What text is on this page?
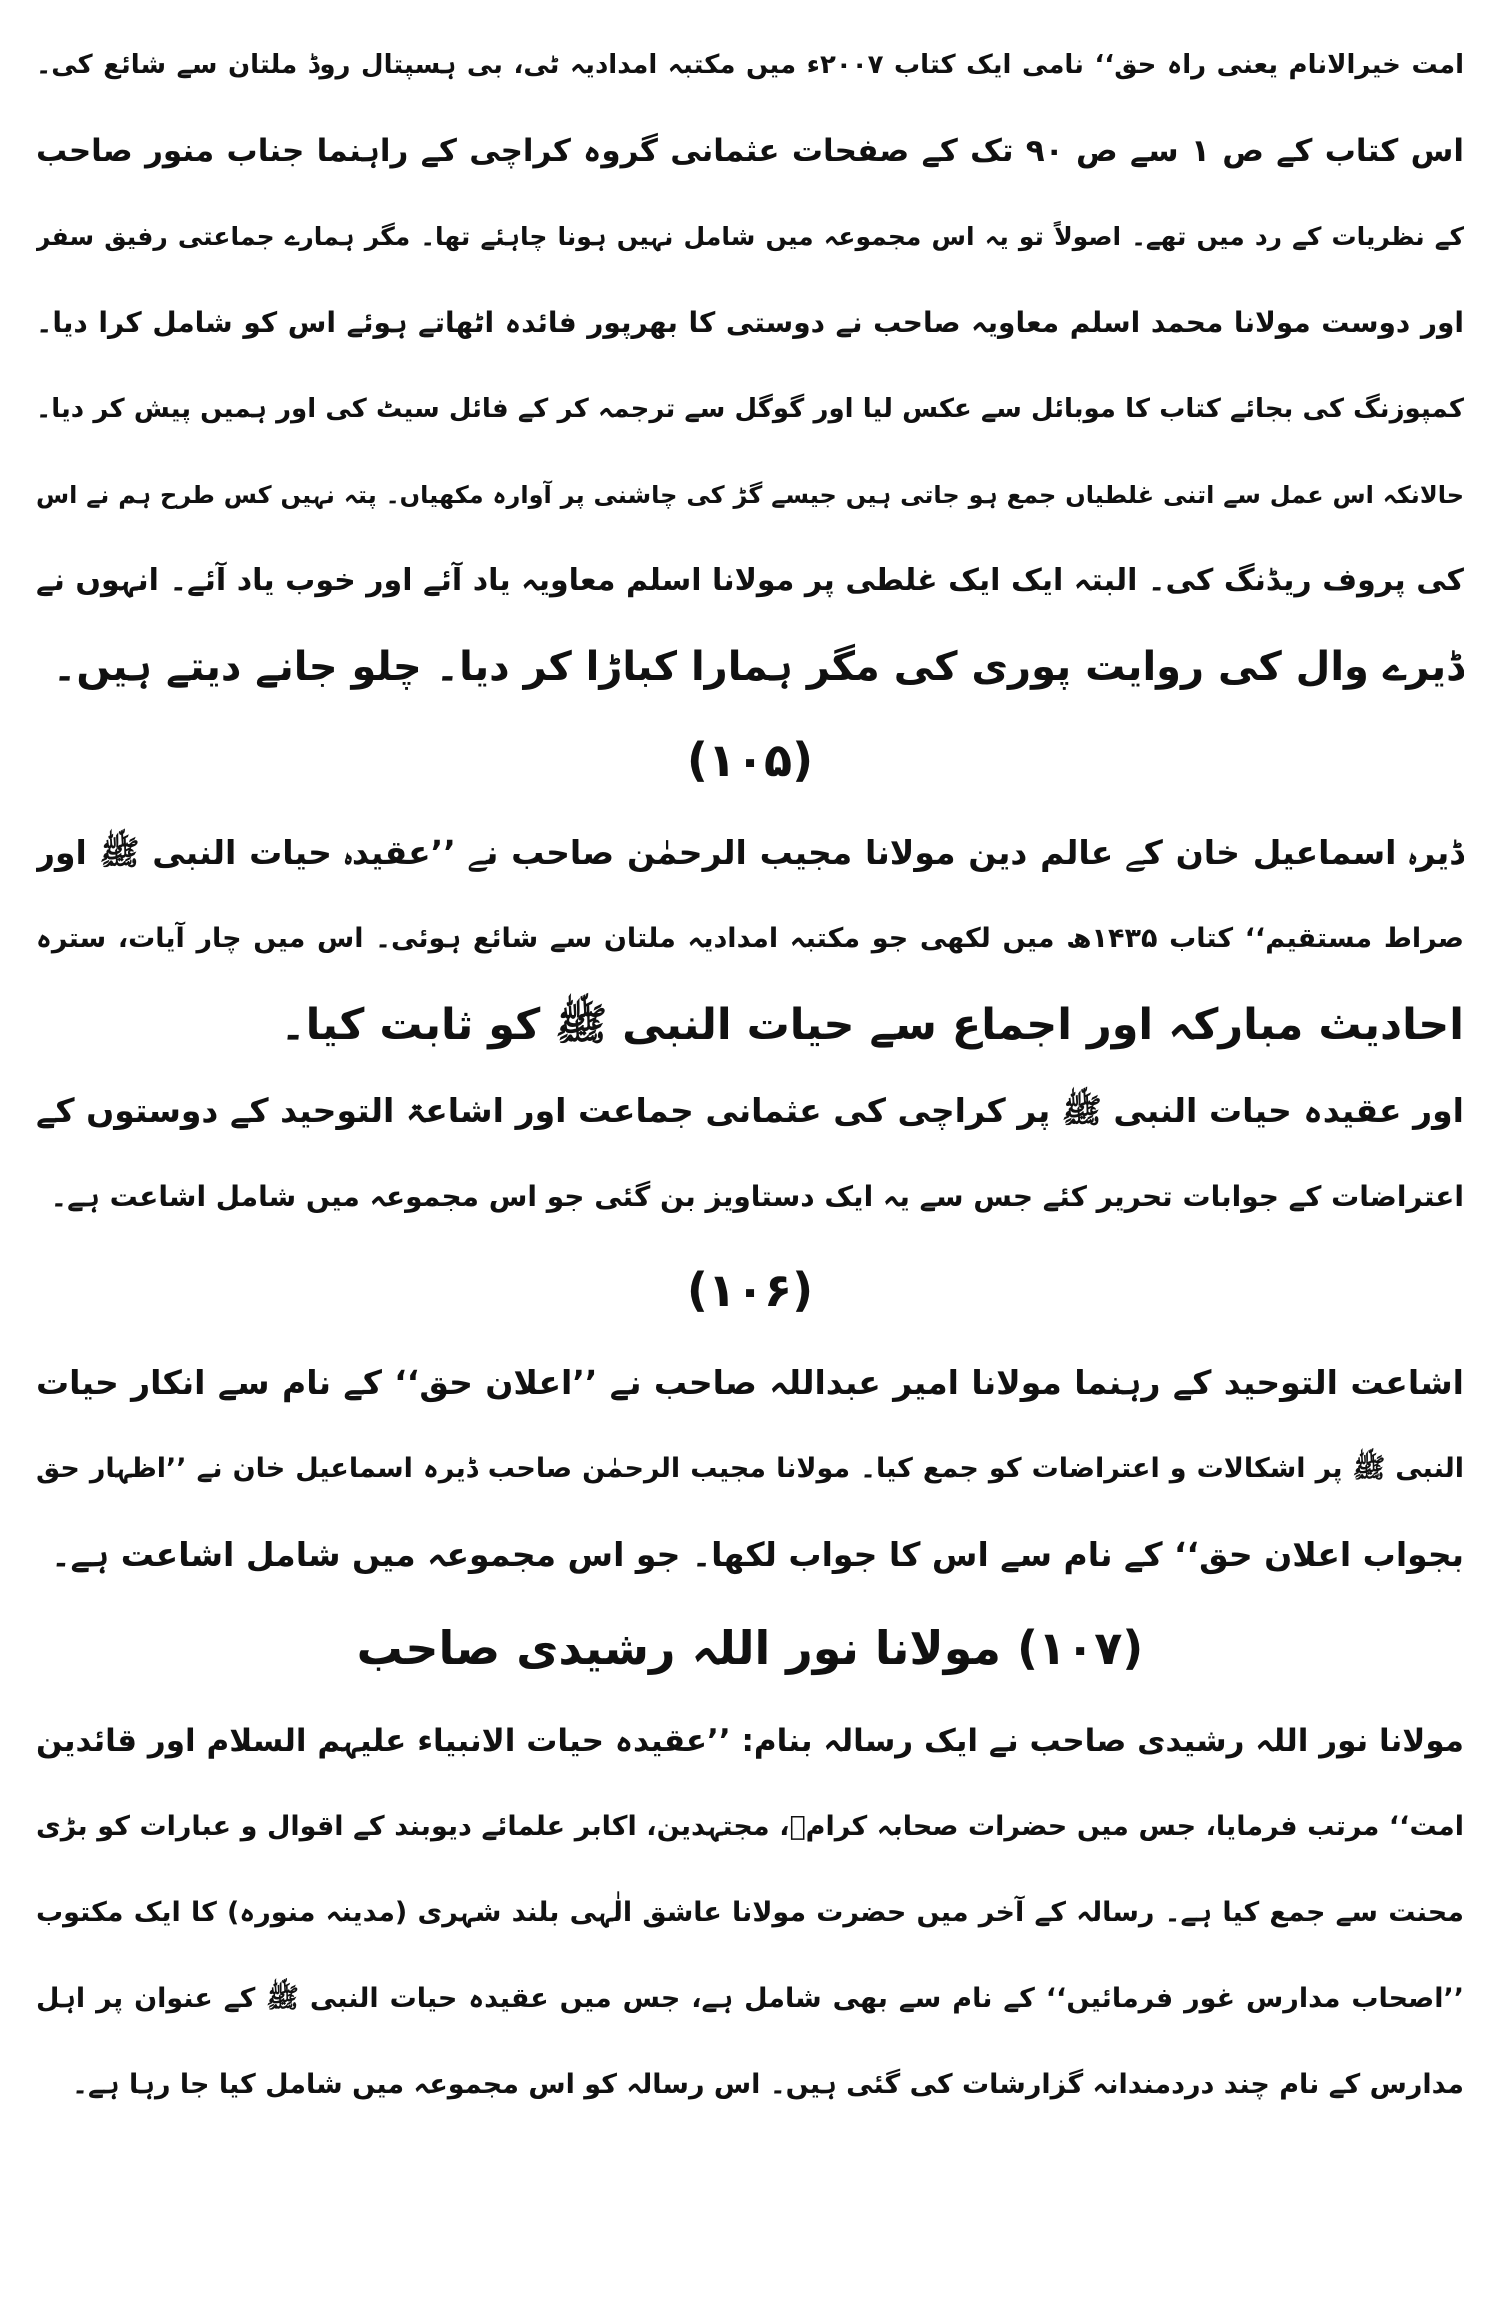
امت خیرالانام یعنی راہ حق‘‘ نامی ایک کتاب ۲۰۰۷ء میں مکتبہ امدادیہ ٹی، بی ہسپتال روڈ ملتان سے شائع کی۔
اس کتاب کے ص ۱ سے ص ۹۰ تک کے صفحات عثمانی گروہ کراچی کے راہنما جناب منور صاحب
کے نظریات کے رد میں تھے۔ اصولاً تو یہ اس مجموعہ میں شامل نہیں ہونا چاہئے تھا۔ مگر ہمارے جماعتی رفیق سفر
اور دوست مولانا محمد اسلم معاویہ صاحب نے دوستی کا بھرپور فائدہ اٹھاتے ہوئے اس کو شامل کرا دیا۔
کمپوزنگ کی بجائے کتاب کا موبائل سے عکس لیا اور گوگل سے ترجمہ کر کے فائل سیٹ کی اور ہمیں پیش کر دیا۔
حالانکہ اس عمل سے اتنی غلطیاں جمع ہو جاتی ہیں جیسے گڑ کی چاشنی پر آوارہ مکھیاں۔ پتہ نہیں کس طرح ہم نے اس
کی پروف ریڈنگ کی۔ البتہ ایک ایک غلطی پر مولانا اسلم معاویہ یاد آئے اور خوب یاد آئے۔ انہوں نے
ڈیرے وال کی روایت پوری کی مگر ہمارا کباڑا کر دیا۔ چلو جانے دیتے ہیں۔
(۱۰۵)
ڈیرہ اسماعیل خان کے عالم دین مولانا مجیب الرحمٰن صاحب نے ’’عقیدہ حیات النبی ﷺ اور
صراط مستقیم‘‘ کتاب ۱۴۳۵ھ میں لکھی جو مکتبہ امدادیہ ملتان سے شائع ہوئی۔ اس میں چار آیات، سترہ
احادیث مبارکہ اور اجماع سے حیات النبی ﷺ کو ثابت کیا۔
اور عقیدہ حیات النبی ﷺ پر کراچی کی عثمانی جماعت اور اشاعۃ التوحید کے دوستوں کے
اعتراضات کے جوابات تحریر کئے جس سے یہ ایک دستاویز بن گئی جو اس مجموعہ میں شامل اشاعت ہے۔
(۱۰۶)
اشاعت التوحید کے رہنما مولانا امیر عبداللہ صاحب نے ’’اعلان حق‘‘ کے نام سے انکار حیات
النبی ﷺ پر اشکالات و اعتراضات کو جمع کیا۔ مولانا مجیب الرحمٰن صاحب ڈیرہ اسماعیل خان نے ’’اظہار حق
بجواب اعلان حق‘‘ کے نام سے اس کا جواب لکھا۔ جو اس مجموعہ میں شامل اشاعت ہے۔
(۱۰۷) مولانا نور اللہ رشیدی صاحب
مولانا نور اللہ رشیدی صاحب نے ایک رسالہ بنام: ’’عقیدہ حیات الانبیاء علیہم السلام اور قائدین
امت‘‘ مرتب فرمایا، جس میں حضرات صحابہ کرامؓ، مجتہدین، اکابر علمائے دیوبند کے اقوال و عبارات کو بڑی
محنت سے جمع کیا ہے۔ رسالہ کے آخر میں حضرت مولانا عاشق الٰہی بلند شہری (مدینہ منورہ) کا ایک مکتوب
’’اصحاب مدارس غور فرمائیں‘‘ کے نام سے بھی شامل ہے، جس میں عقیدہ حیات النبی ﷺ کے عنوان پر اہل
مدارس کے نام چند دردمندانہ گزارشات کی گئی ہیں۔ اس رسالہ کو اس مجموعہ میں شامل کیا جا رہا ہے۔
